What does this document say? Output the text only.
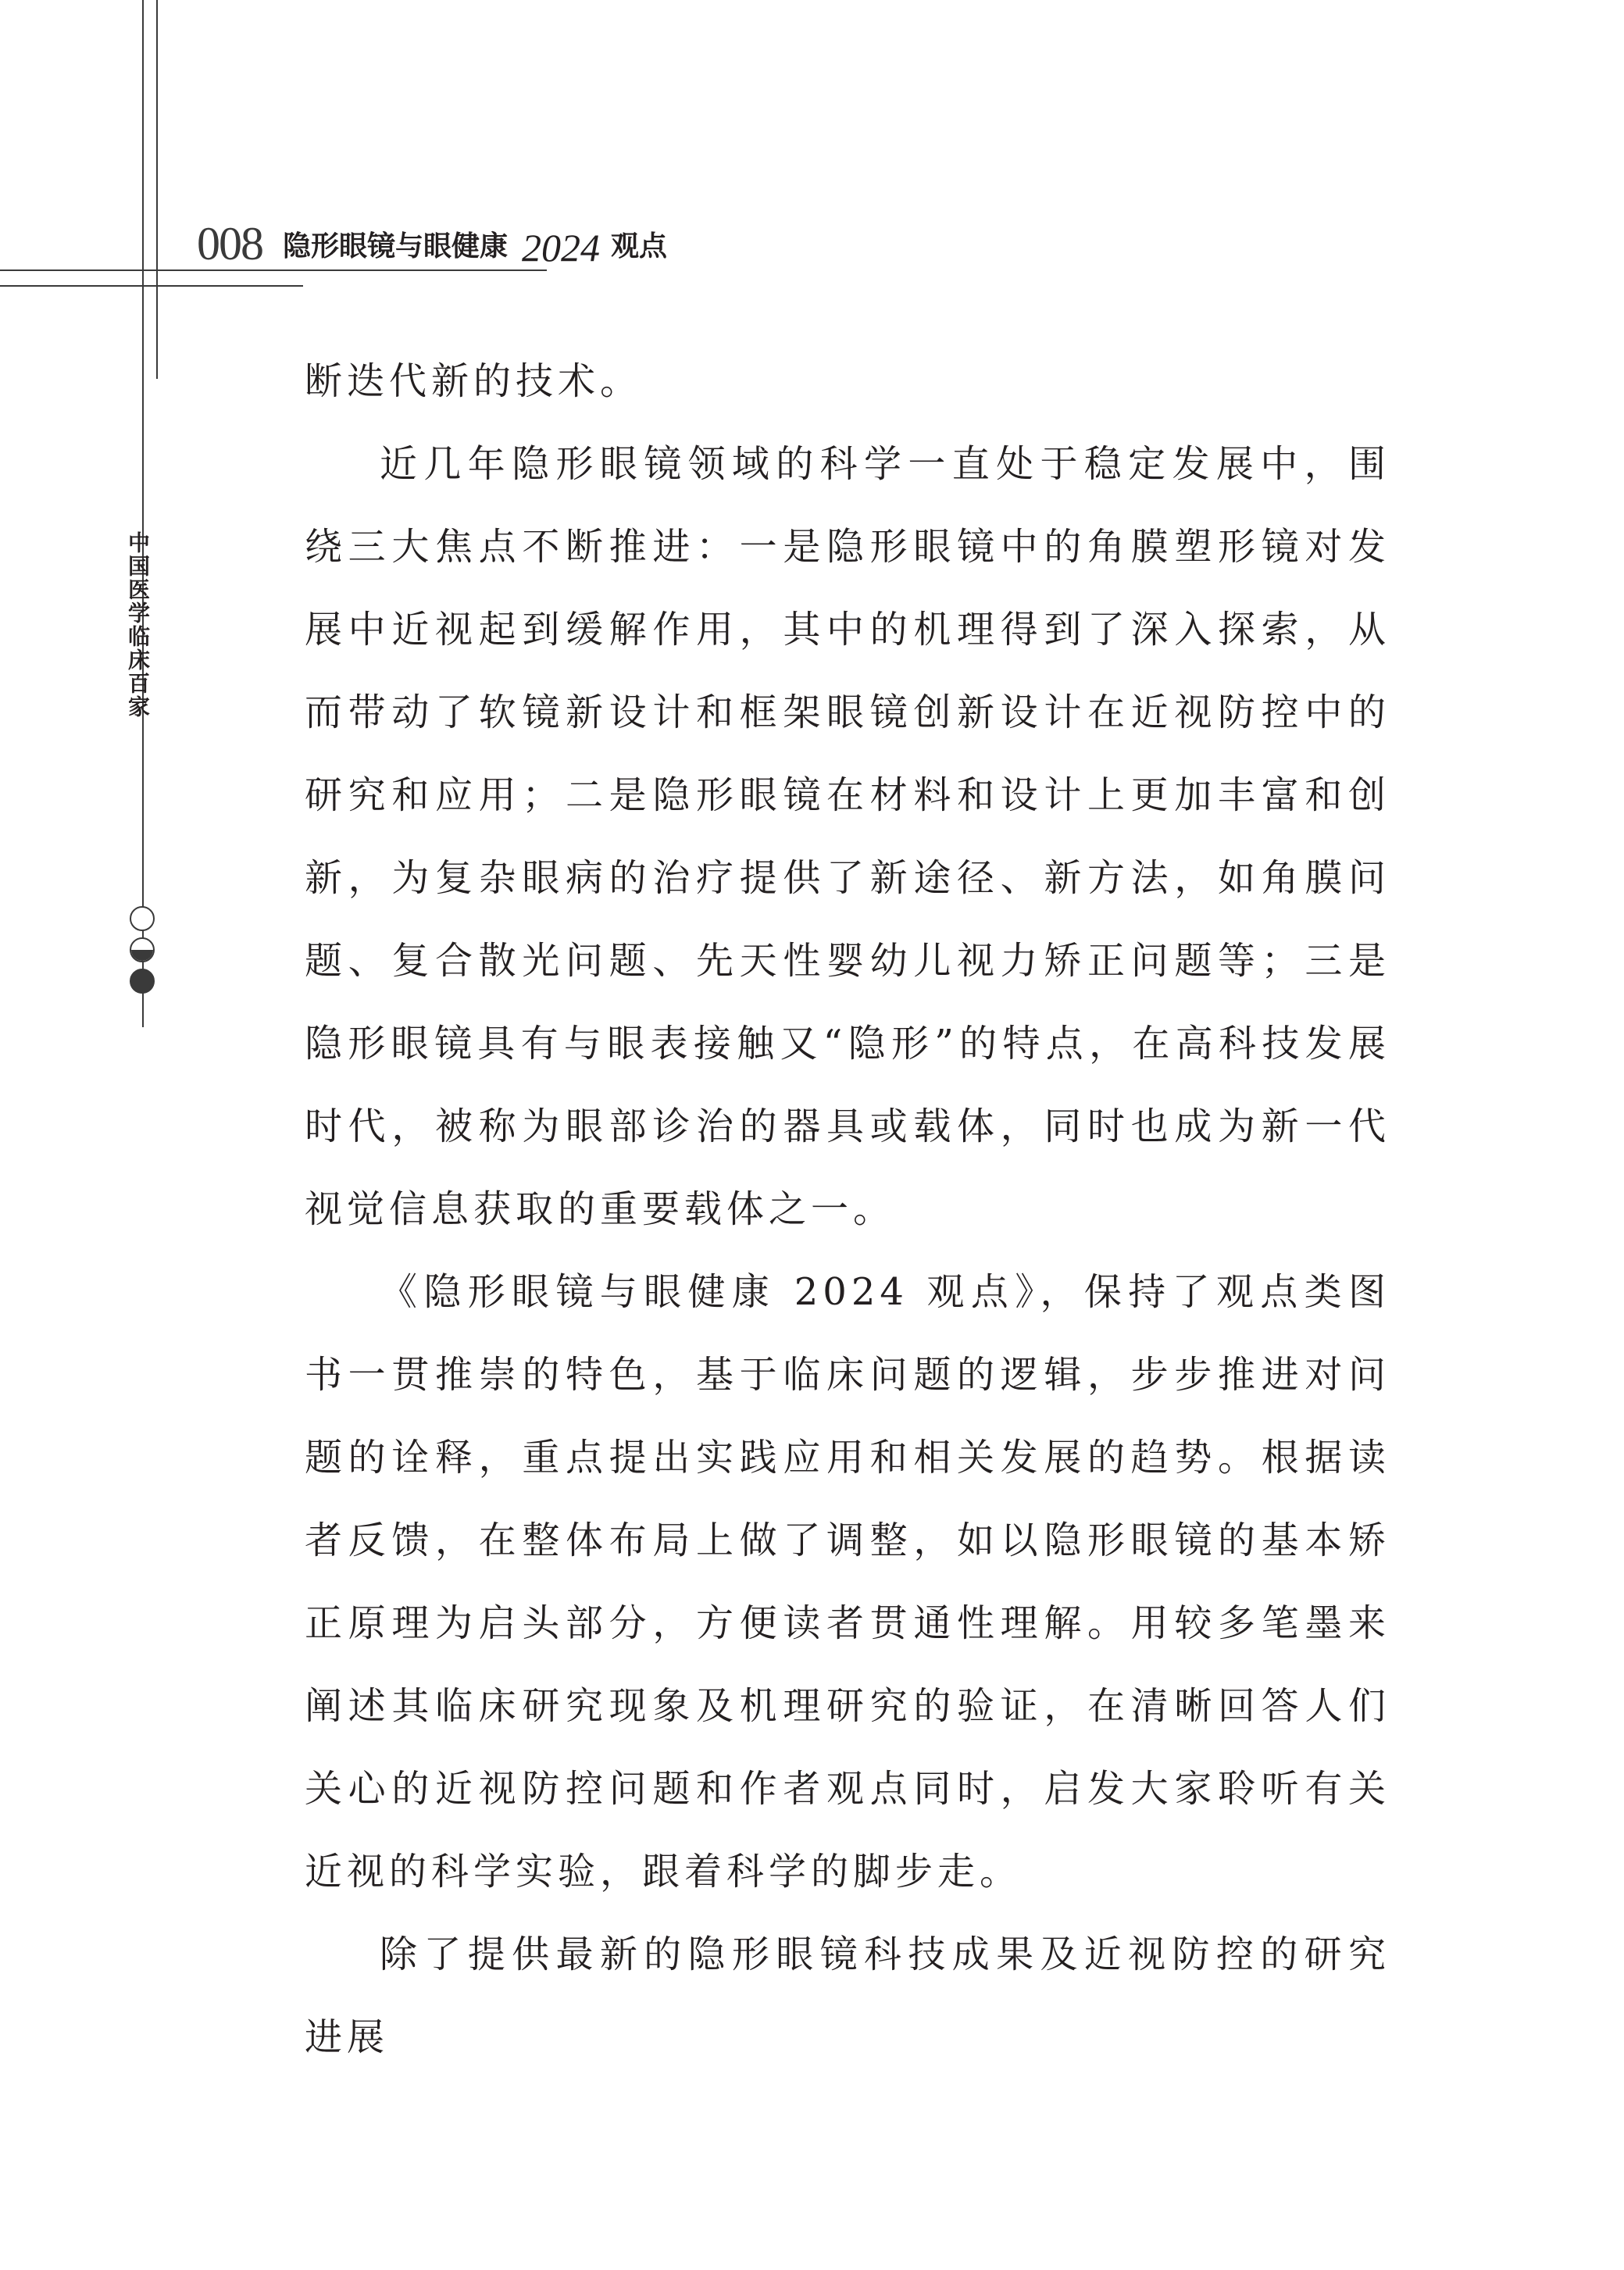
008 隐形眼镜与眼健康 2024 观点
中国医学临床百家

断迭代新的技术。

近几年隐形眼镜领域的科学一直处于稳定发展中，围绕三大焦点不断推进：一是隐形眼镜中的角膜塑形镜对发展中近视起到缓解作用，其中的机理得到了深入探索，从而带动了软镜新设计和框架眼镜创新设计在近视防控中的研究和应用；二是隐形眼镜在材料和设计上更加丰富和创新，为复杂眼病的治疗提供了新途径、新方法，如角膜问题、复合散光问题、先天性婴幼儿视力矫正问题等；三是隐形眼镜具有与眼表接触又“隐形”的特点，在高科技发展时代，被称为眼部诊治的器具或载体，同时也成为新一代视觉信息获取的重要载体之一。

《隐形眼镜与眼健康 2024 观点》，保持了观点类图书一贯推崇的特色，基于临床问题的逻辑，步步推进对问题的诠释，重点提出实践应用和相关发展的趋势。根据读者反馈，在整体布局上做了调整，如以隐形眼镜的基本矫正原理为启头部分，方便读者贯通性理解。用较多笔墨来阐述其临床研究现象及机理研究的验证，在清晰回答人们关心的近视防控问题和作者观点同时，启发大家聆听有关近视的科学实验，跟着科学的脚步走。

除了提供最新的隐形眼镜科技成果及近视防控的研究进展
